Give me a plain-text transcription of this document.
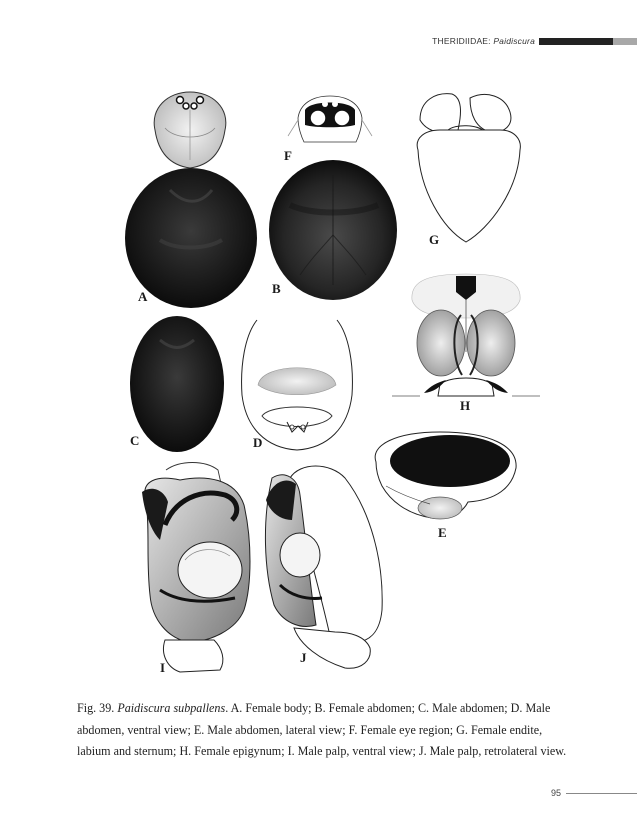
THERIDIIDAE: Paidiscura
A
B
C	D
E
F
G
H
I
J
Fig. 39. Paidiscura subpallens. A. Female body; B. Female abdomen; C. Male abdomen; D. Male abdomen, ventral view; E. Male abdomen, lateral view; F. Female eye region; G. Female endite, labium and sternum; H. Female epigynum; I. Male palp, ventral view; J. Male palp, retrolateral view.
95
